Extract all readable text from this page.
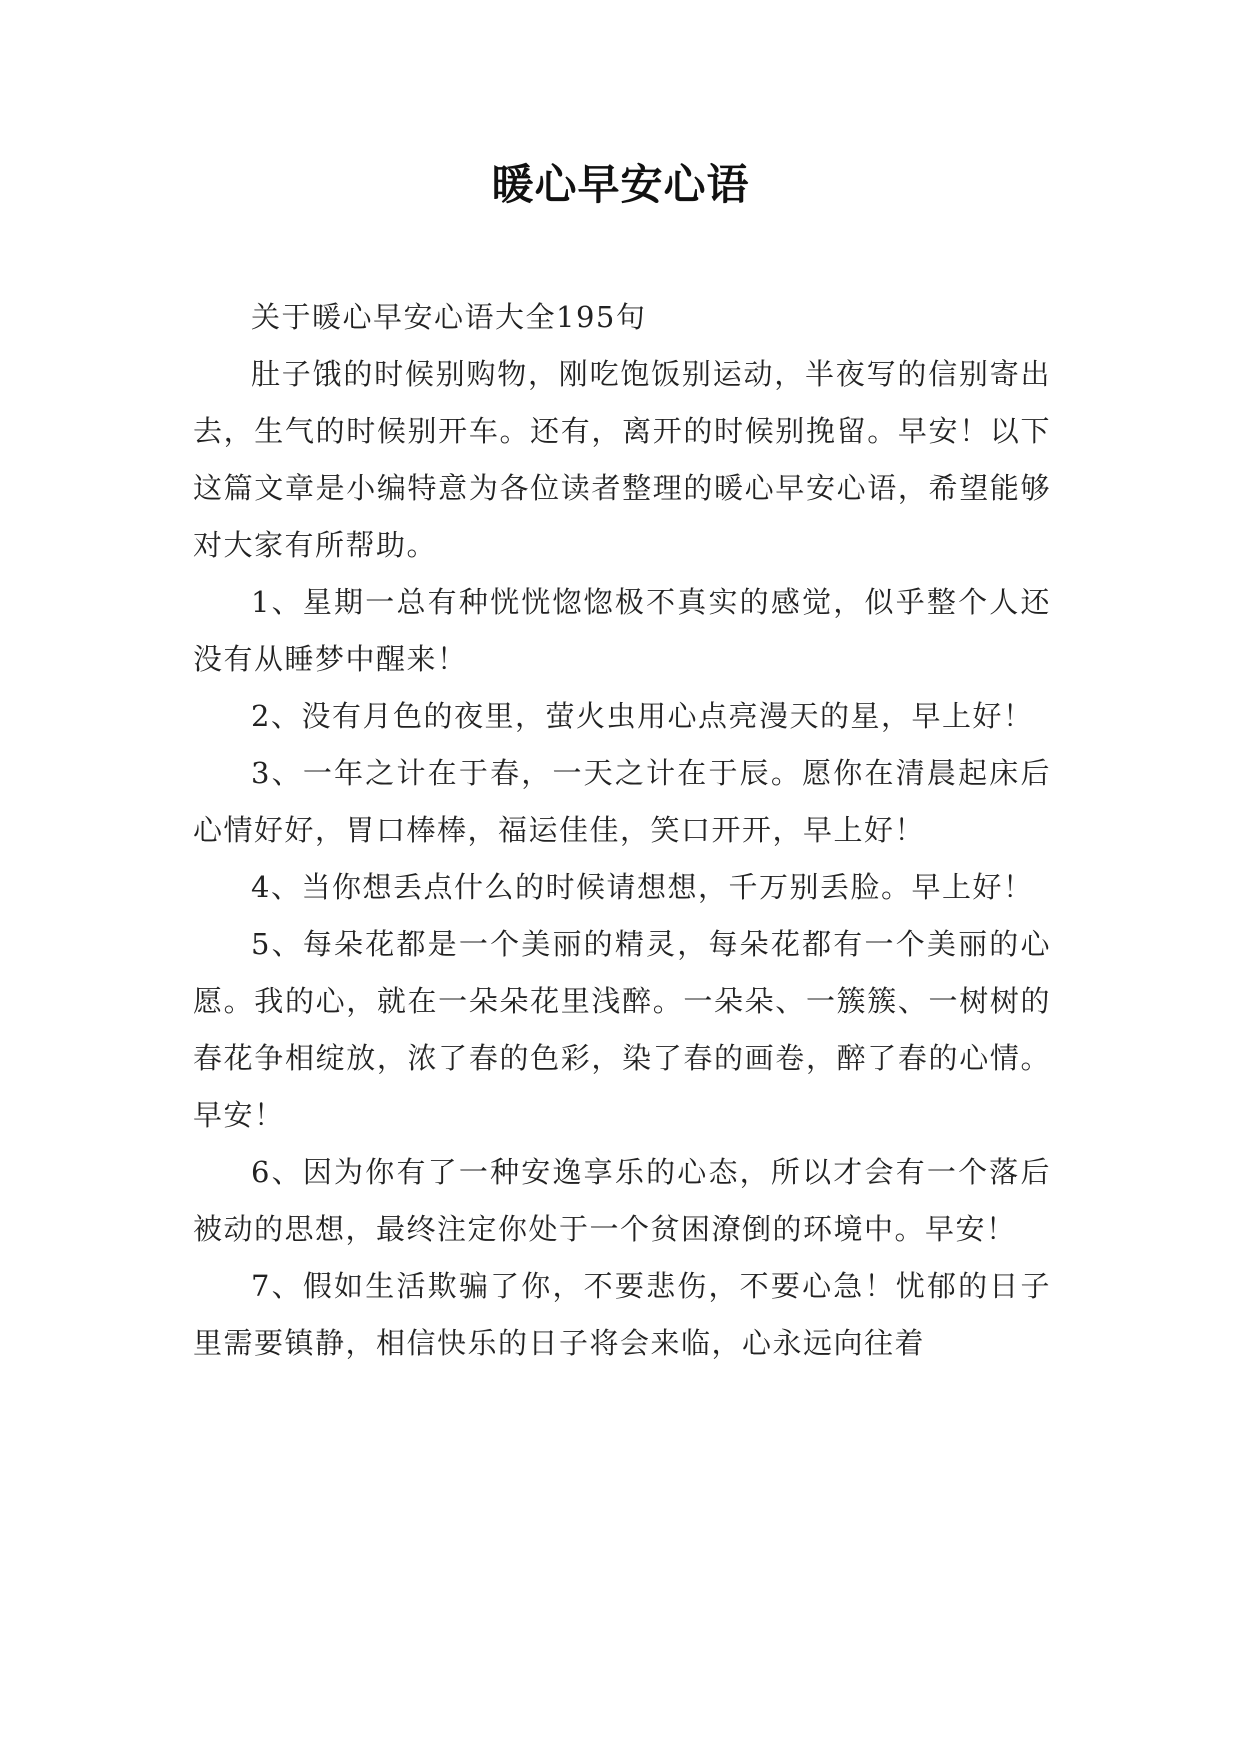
暖心早安心语

关于暖心早安心语大全195句

肚子饿的时候别购物，刚吃饱饭别运动，半夜写的信别寄出去，生气的时候别开车。还有，离开的时候别挽留。早安！以下这篇文章是小编特意为各位读者整理的暖心早安心语，希望能够对大家有所帮助。

1、星期一总有种恍恍惚惚极不真实的感觉，似乎整个人还没有从睡梦中醒来！

2、没有月色的夜里，萤火虫用心点亮漫天的星，早上好！

3、一年之计在于春，一天之计在于辰。愿你在清晨起床后心情好好，胃口棒棒，福运佳佳，笑口开开，早上好！

4、当你想丢点什么的时候请想想，千万别丢脸。早上好！

5、每朵花都是一个美丽的精灵，每朵花都有一个美丽的心愿。我的心，就在一朵朵花里浅醉。一朵朵、一簇簇、一树树的春花争相绽放，浓了春的色彩，染了春的画卷，醉了春的心情。早安！

6、因为你有了一种安逸享乐的心态，所以才会有一个落后被动的思想，最终注定你处于一个贫困潦倒的环境中。早安！

7、假如生活欺骗了你，不要悲伤，不要心急！忧郁的日子里需要镇静，相信快乐的日子将会来临，心永远向往着
